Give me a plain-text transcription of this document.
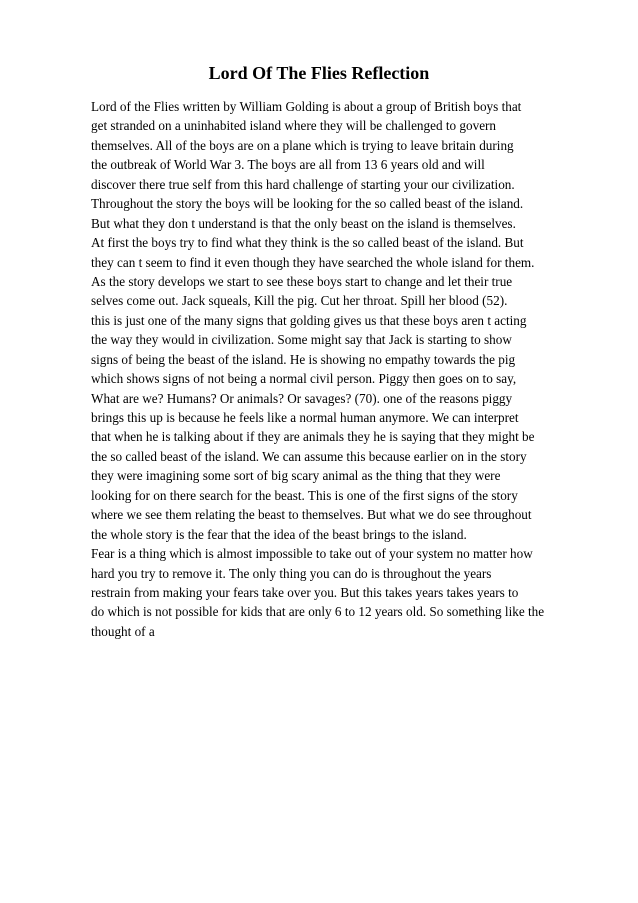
Lord Of The Flies Reflection
Lord of the Flies written by William Golding is about a group of British boys that
get stranded on a uninhabited island where they will be challenged to govern
themselves. All of the boys are on a plane which is trying to leave britain during
the outbreak of World War 3. The boys are all from 13 6 years old and will
discover there true self from this hard challenge of starting your our civilization.
Throughout the story the boys will be looking for the so called beast of the island.
But what they don t understand is that the only beast on the island is themselves.
At first the boys try to find what they think is the so called beast of the island. But
they can t seem to find it even though they have searched the whole island for them.
As the story develops we start to see these boys start to change and let their true
selves come out. Jack squeals, Kill the pig. Cut her throat. Spill her blood (52).
this is just one of the many signs that golding gives us that these boys aren t acting
the way they would in civilization. Some might say that Jack is starting to show
signs of being the beast of the island. He is showing no empathy towards the pig
which shows signs of not being a normal civil person. Piggy then goes on to say,
What are we? Humans? Or animals? Or savages? (70). one of the reasons piggy
brings this up is because he feels like a normal human anymore. We can interpret
that when he is talking about if they are animals they he is saying that they might be
the so called beast of the island. We can assume this because earlier on in the story
they were imagining some sort of big scary animal as the thing that they were
looking for on there search for the beast. This is one of the first signs of the story
where we see them relating the beast to themselves. But what we do see throughout
the whole story is the fear that the idea of the beast brings to the island.
Fear is a thing which is almost impossible to take out of your system no matter how
hard you try to remove it. The only thing you can do is throughout the years
restrain from making your fears take over you. But this takes years takes years to
do which is not possible for kids that are only 6 to 12 years old. So something like the
thought of a
